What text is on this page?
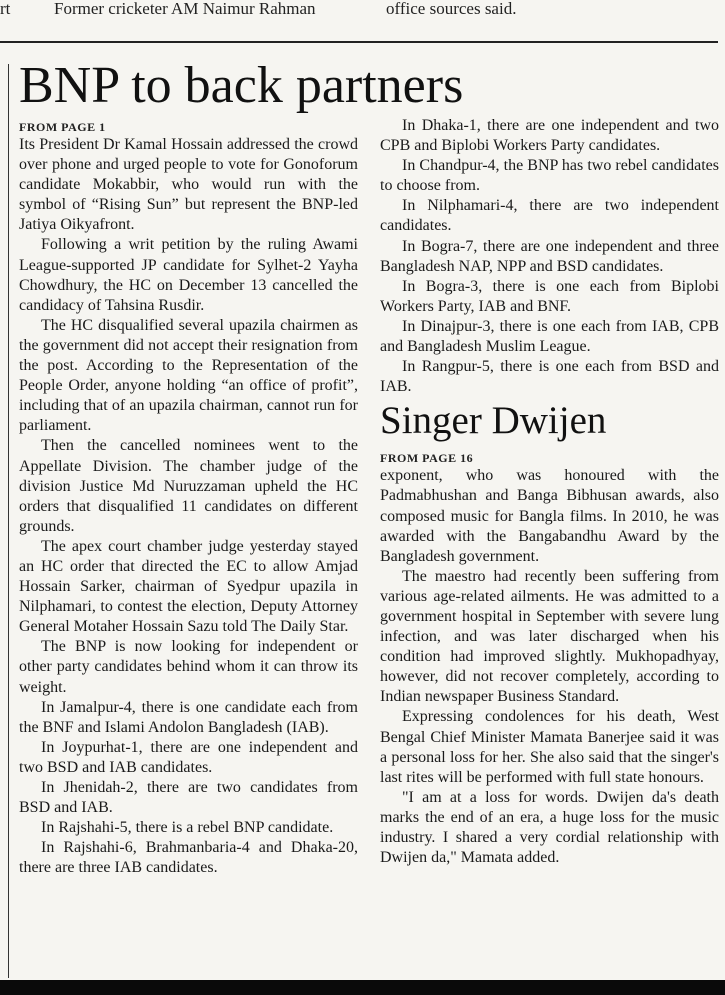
rt	Former cricketer AM Naimur Rahman	office sources said.
BNP to back partners
FROM PAGE 1

Its President Dr Kamal Hossain addressed the crowd over phone and urged people to vote for Gonoforum candidate Mokabbir, who would run with the symbol of “Rising Sun” but represent the BNP-led Jatiya Oikyafront.

Following a writ petition by the ruling Awami League-supported JP candidate for Sylhet-2 Yayha Chowdhury, the HC on December 13 cancelled the candidacy of Tahsina Rusdir.

The HC disqualified several upazila chairmen as the government did not accept their resignation from the post. According to the Representation of the People Order, anyone holding “an office of profit”, including that of an upazila chairman, cannot run for parliament.

Then the cancelled nominees went to the Appellate Division. The chamber judge of the division Justice Md Nuruzzaman upheld the HC orders that disqualified 11 candidates on different grounds.

The apex court chamber judge yesterday stayed an HC order that directed the EC to allow Amjad Hossain Sarker, chairman of Syedpur upazila in Nilphamari, to contest the election, Deputy Attorney General Motaher Hossain Sazu told The Daily Star.

The BNP is now looking for independent or other party candidates behind whom it can throw its weight.

In Jamalpur-4, there is one candidate each from the BNF and Islami Andolon Bangladesh (IAB).

In Joypurhat-1, there are one independent and two BSD and IAB candidates.

In Jhenidah-2, there are two candidates from BSD and IAB.

In Rajshahi-5, there is a rebel BNP candidate.

In Rajshahi-6, Brahmanbaria-4 and Dhaka-20, there are three IAB candidates.

In Dhaka-1, there are one independent and two CPB and Biplobi Workers Party candidates.

In Chandpur-4, the BNP has two rebel candidates to choose from.

In Nilphamari-4, there are two independent candidates.

In Bogra-7, there are one independent and three Bangladesh NAP, NPP and BSD candidates.

In Bogra-3, there is one each from Biplobi Workers Party, IAB and BNF.

In Dinajpur-3, there is one each from IAB, CPB and Bangladesh Muslim League.

In Rangpur-5, there is one each from BSD and IAB.

Singer Dwijen
FROM PAGE 16

exponent, who was honoured with the Padmabhushan and Banga Bibhusan awards, also composed music for Bangla films. In 2010, he was awarded with the Bangabandhu Award by the Bangladesh government.

The maestro had recently been suffering from various age-related ailments. He was admitted to a government hospital in September with severe lung infection, and was later discharged when his condition had improved slightly. Mukhopadhyay, however, did not recover completely, according to Indian newspaper Business Standard.

Expressing condolences for his death, West Bengal Chief Minister Mamata Banerjee said it was a personal loss for her. She also said that the singer's last rites will be performed with full state honours.

"I am at a loss for words. Dwijen da's death marks the end of an era, a huge loss for the music industry. I shared a very cordial relationship with Dwijen da," Mamata added.
